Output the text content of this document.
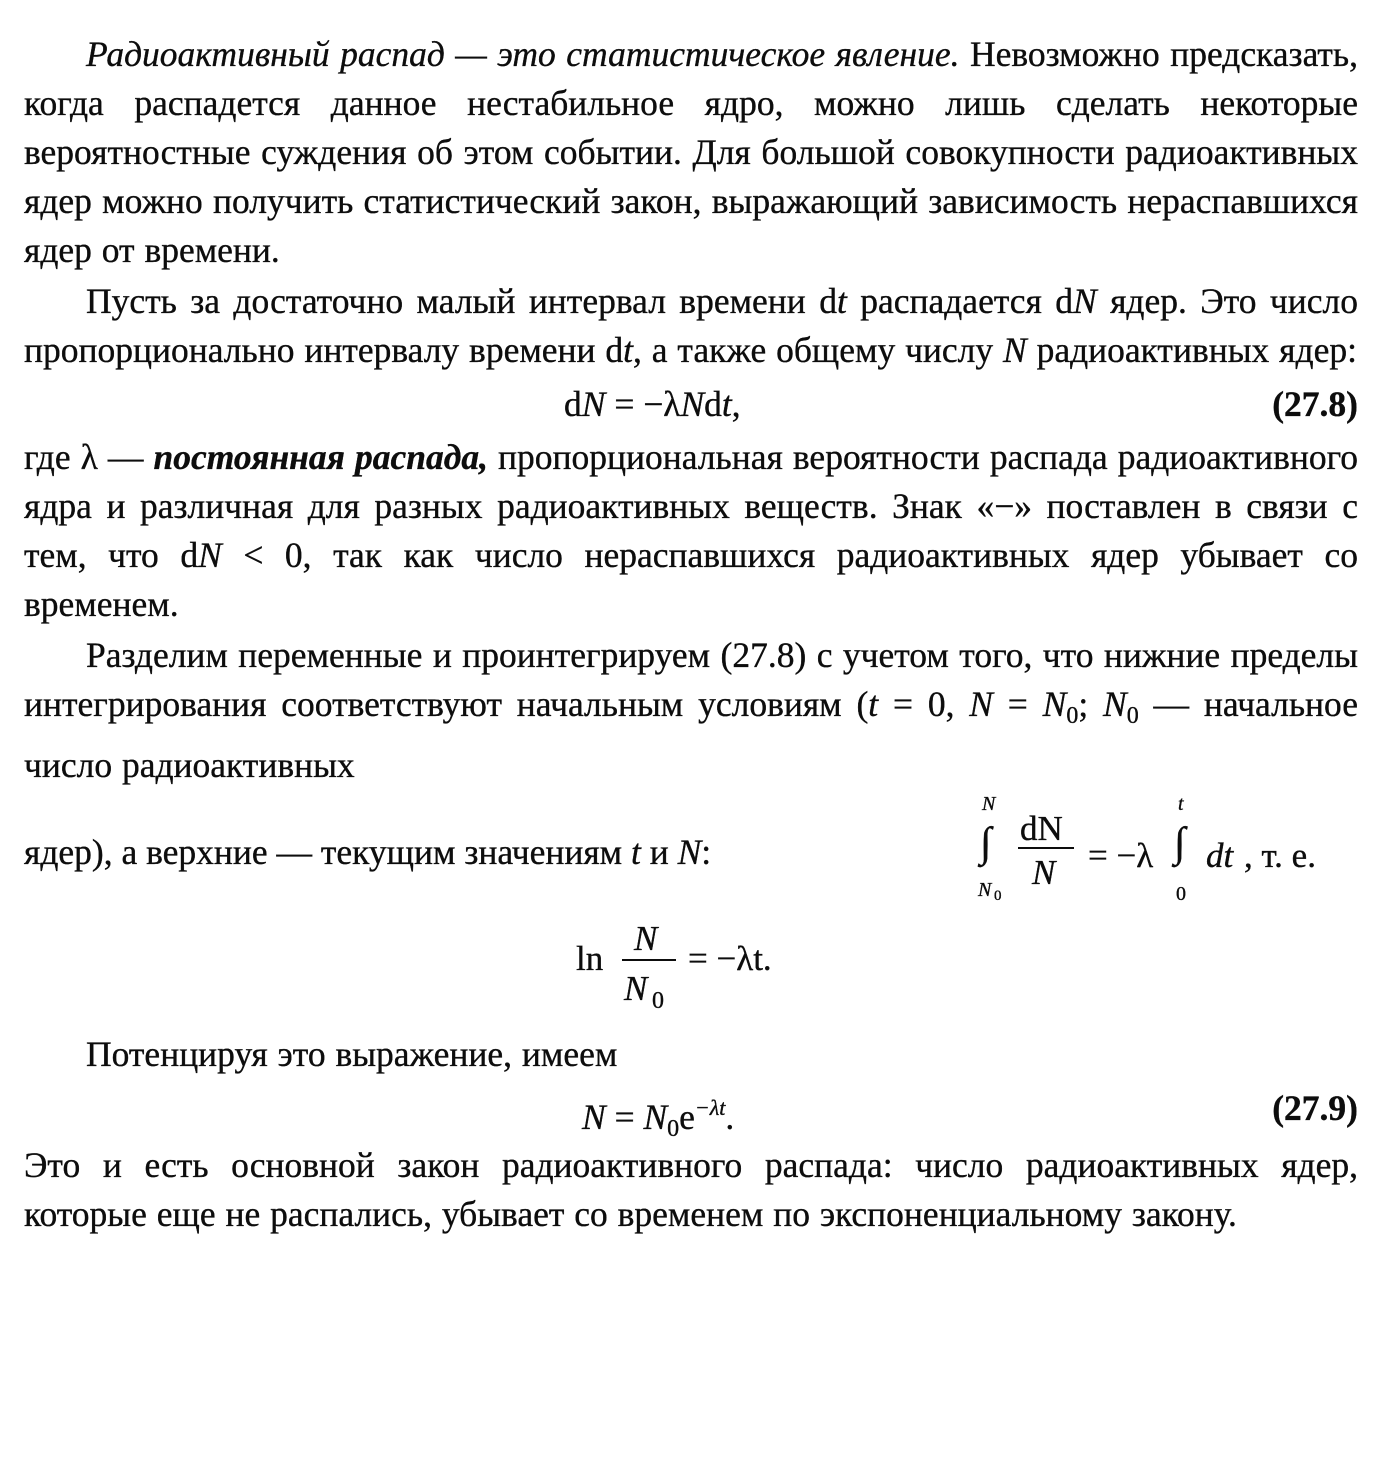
Радиоактивный распад — это статистическое явление. Невозможно предсказать, когда распадется данное нестабильное ядро, можно лишь сделать некоторые вероятностные суждения об этом событии. Для большой совокупности радиоактивных ядер можно получить статистический закон, выражающий зависимость нераспавшихся ядер от времени.

Пусть за достаточно малый интервал времени dt распадается dN ядер. Это число пропорционально интервалу времени dt, а также общему числу N радиоактивных ядер:

dN = −λNdt,	(27.8)

где λ — постоянная распада, пропорциональная вероятности распада радиоактивного ядра и различная для разных радиоактивных веществ. Знак «−» поставлен в связи с тем, что dN < 0, так как число нераспавшихся радиоактивных ядер убывает со временем.

Разделим переменные и проинтегрируем (27.8) с учетом того, что нижние пределы интегрирования соответствуют начальным условиям (t = 0, $N = N_0$; $N_0$ — начальное число радиоактивных

ядер), а верхние — текущим значениям t и N:
N
∫
N 0
dN
N = −λ
t
∫
0
dt , т. е.
ln
N
N 0
= −λt.

Потенцируя это выражение, имеем

$N = N_0e^{-\lambda t}$.	(27.9)

Это и есть основной закон радиоактивного распада: число радиоактивных ядер, которые еще не распались, убывает со временем по экспоненциальному закону.
